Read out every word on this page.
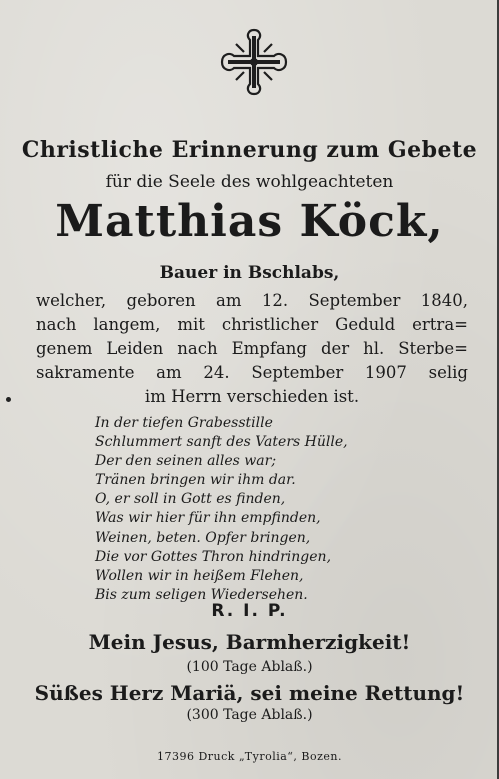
Christliche Erinnerung zum Gebete
für die Seele des wohlgeachteten
Matthias Köck,
Bauer in Bschlabs,
welcher, geboren am 12. September 1840,
nach langem, mit christlicher Geduld ertra=
genem Leiden nach Empfang der hl. Sterbe=
sakramente am 24. September 1907 selig
im Herrn verschieden ist.
In der tiefen Grabesstille
Schlummert sanft des Vaters Hülle,
Der den seinen alles war;
Tränen bringen wir ihm dar.
O, er soll in Gott es finden,
Was wir hier für ihn empfinden,
Weinen, beten. Opfer bringen,
Die vor Gottes Thron hindringen,
Wollen wir in heißem Flehen,
Bis zum seligen Wiedersehen.
R. I. P.
Mein Jesus, Barmherzigkeit!
(100 Tage Ablaß.)
Süßes Herz Mariä, sei meine Rettung!
(300 Tage Ablaß.)
17396 Druck „Tyrolia“, Bozen.
